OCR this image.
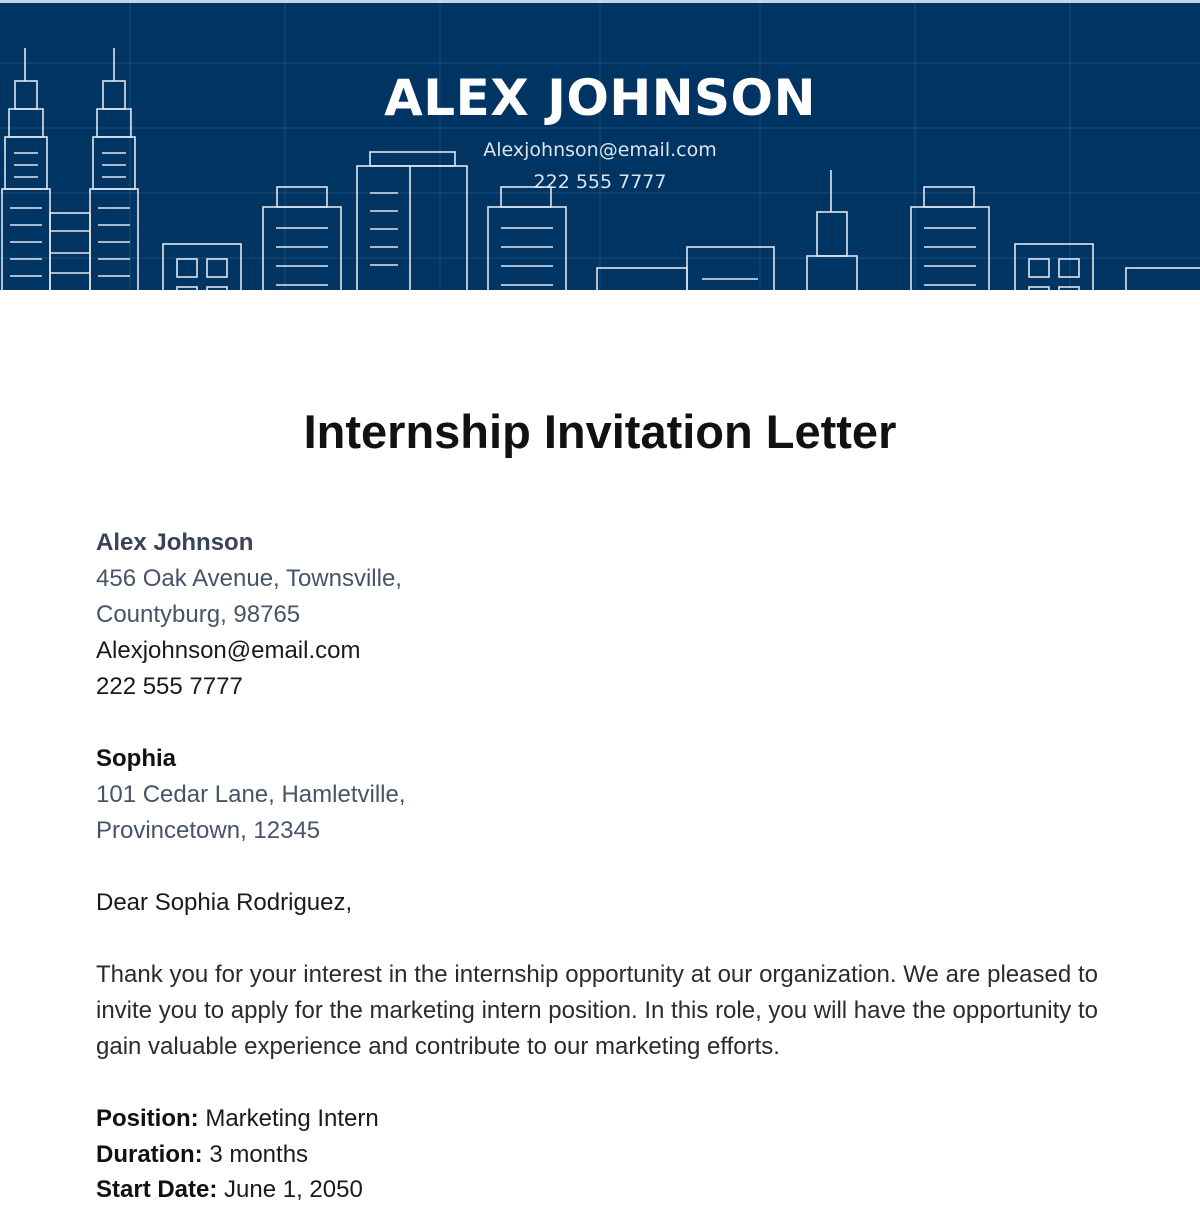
ALEX JOHNSON
Alexjohnson@email.com
222 555 7777
Internship Invitation Letter

Alex Johnson

456 Oak Avenue, Townsville,

Countyburg, 98765

Alexjohnson@email.com

222 555 7777

Sophia

101 Cedar Lane, Hamletville,

Provincetown, 12345

Dear Sophia Rodriguez,

Thank you for your interest in the internship opportunity at our organization. We are pleased to invite you to apply for the marketing intern position. In this role, you will have the opportunity to gain valuable experience and contribute to our marketing efforts.

Position: Marketing Intern

Duration: 3 months

Start Date: June 1, 2050
